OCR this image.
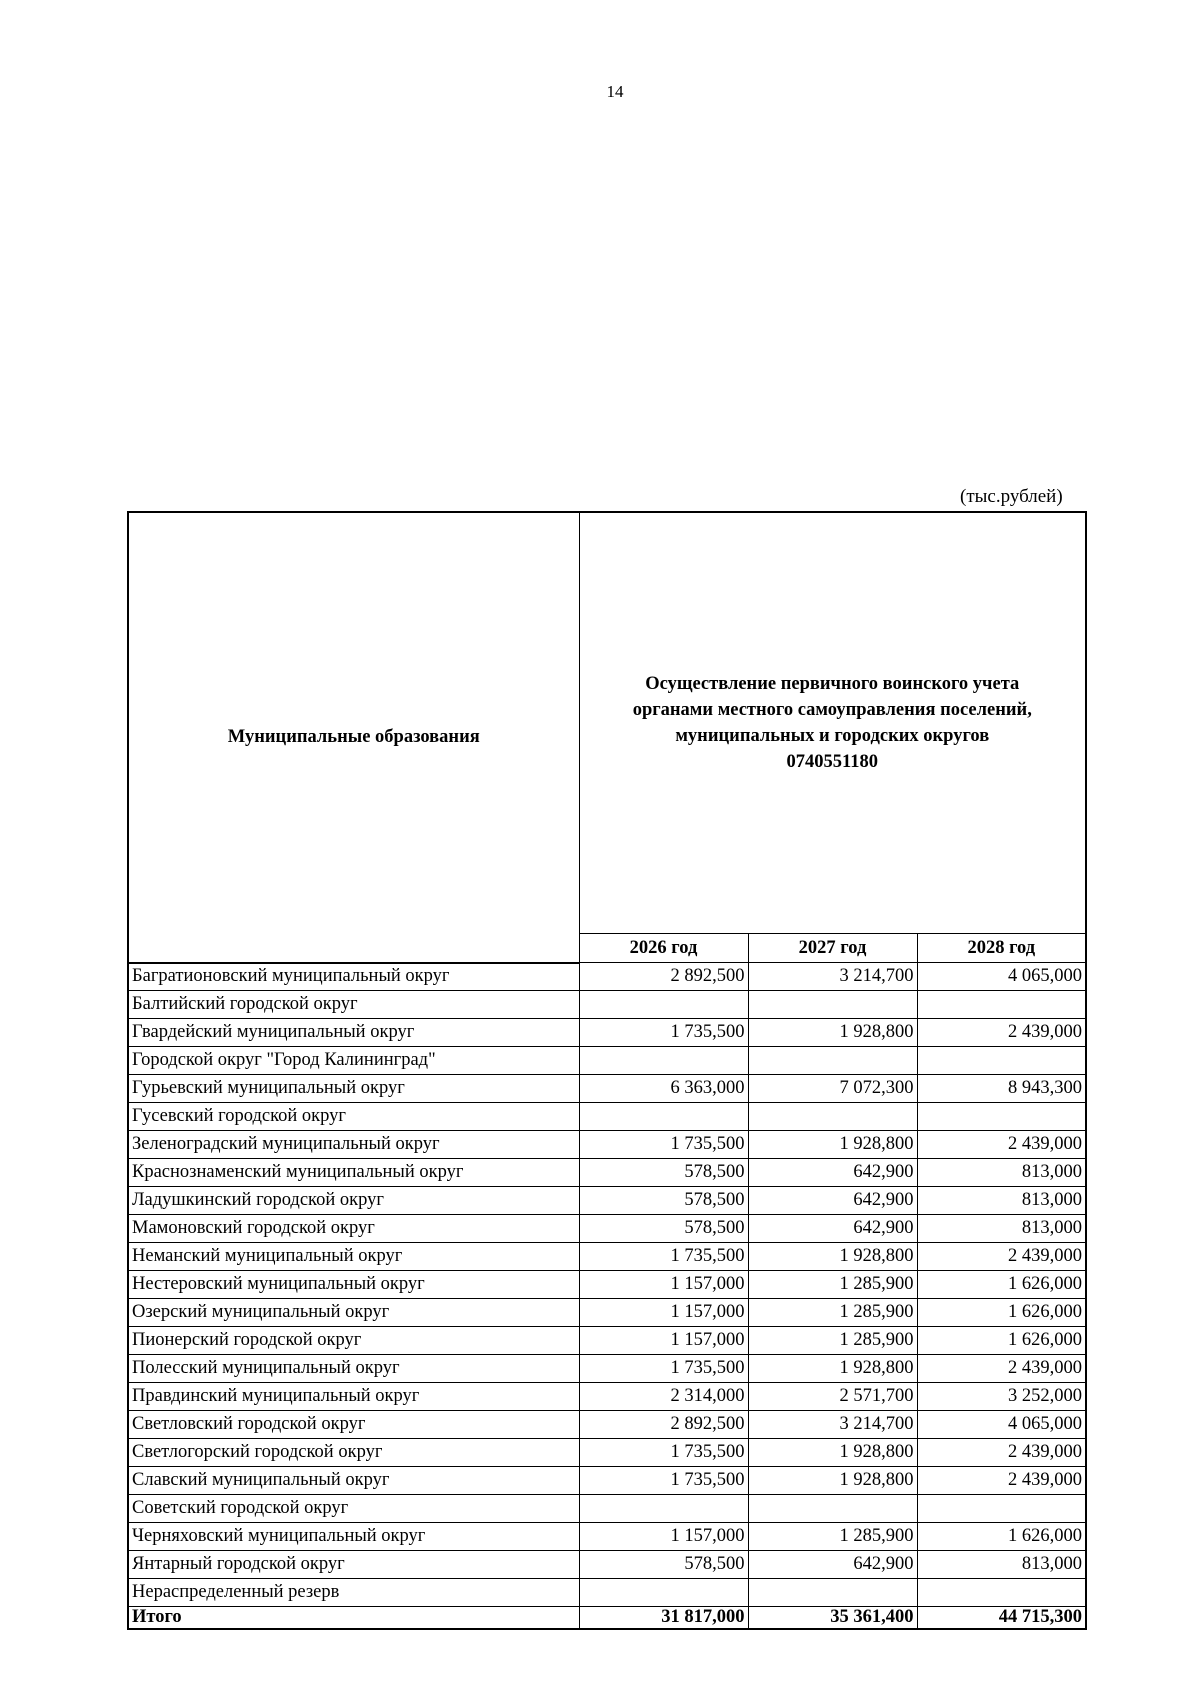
14
(тыс.рублей)
Муниципальные образования	Осуществление первичного воинского учета
органами местного самоуправления поселений,
муниципальных и городских округов
0740551180		

	2026 год	2027 год	2028 год
Багратионовский муниципальный округ	2 892,500	3 214,700	4 065,000
Балтийский городской округ			
Гвардейский муниципальный округ	1 735,500	1 928,800	2 439,000
Городской округ "Город Калининград"			
Гурьевский муниципальный округ	6 363,000	7 072,300	8 943,300
Гусевский городской округ			
Зеленоградский муниципальный округ	1 735,500	1 928,800	2 439,000
Краснознаменский муниципальный округ	578,500	642,900	813,000
Ладушкинский городской округ	578,500	642,900	813,000
Мамоновский городской округ	578,500	642,900	813,000
Неманский муниципальный округ	1 735,500	1 928,800	2 439,000
Нестеровский муниципальный округ	1 157,000	1 285,900	1 626,000
Озерский муниципальный округ	1 157,000	1 285,900	1 626,000
Пионерский городской округ	1 157,000	1 285,900	1 626,000
Полесский муниципальный округ	1 735,500	1 928,800	2 439,000
Правдинский муниципальный округ	2 314,000	2 571,700	3 252,000
Светловский городской округ	2 892,500	3 214,700	4 065,000
Светлогорский городской округ	1 735,500	1 928,800	2 439,000
Славский муниципальный округ	1 735,500	1 928,800	2 439,000
Советский городской округ			
Черняховский муниципальный округ	1 157,000	1 285,900	1 626,000
Янтарный городской округ	578,500	642,900	813,000
Нераспределенный резерв			
Итого	31 817,000	35 361,400	44 715,300
